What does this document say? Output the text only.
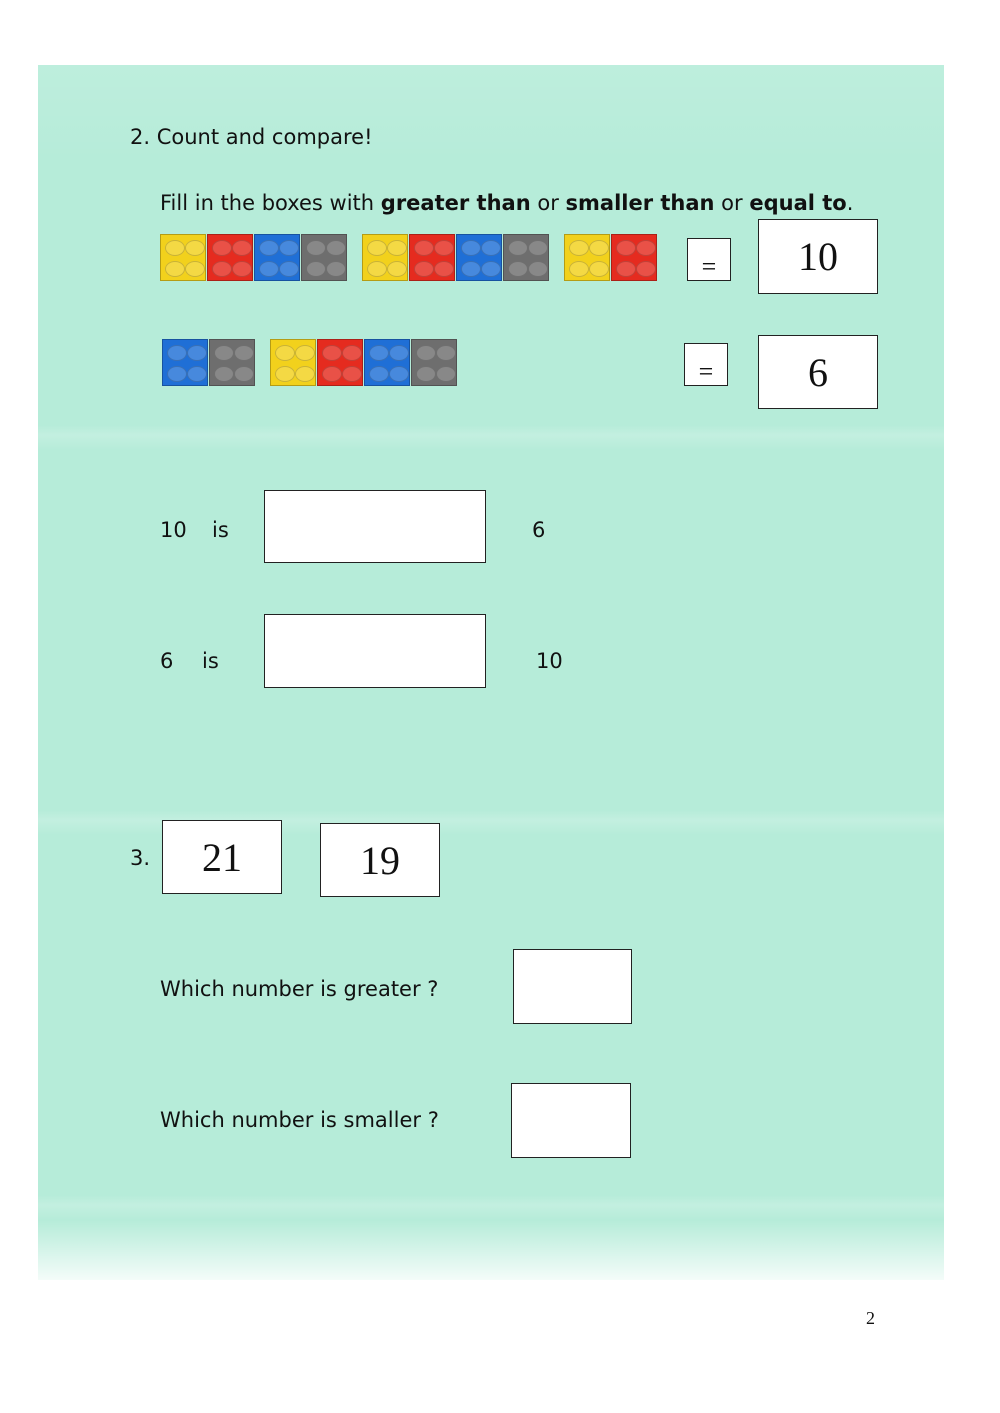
2. Count and compare!
Fill in the boxes with greater than or smaller than or equal to.
=	10
=	6
10 is	6
6 is	10
3.	21	19
Which number is greater ?
Which number is smaller ?
2
